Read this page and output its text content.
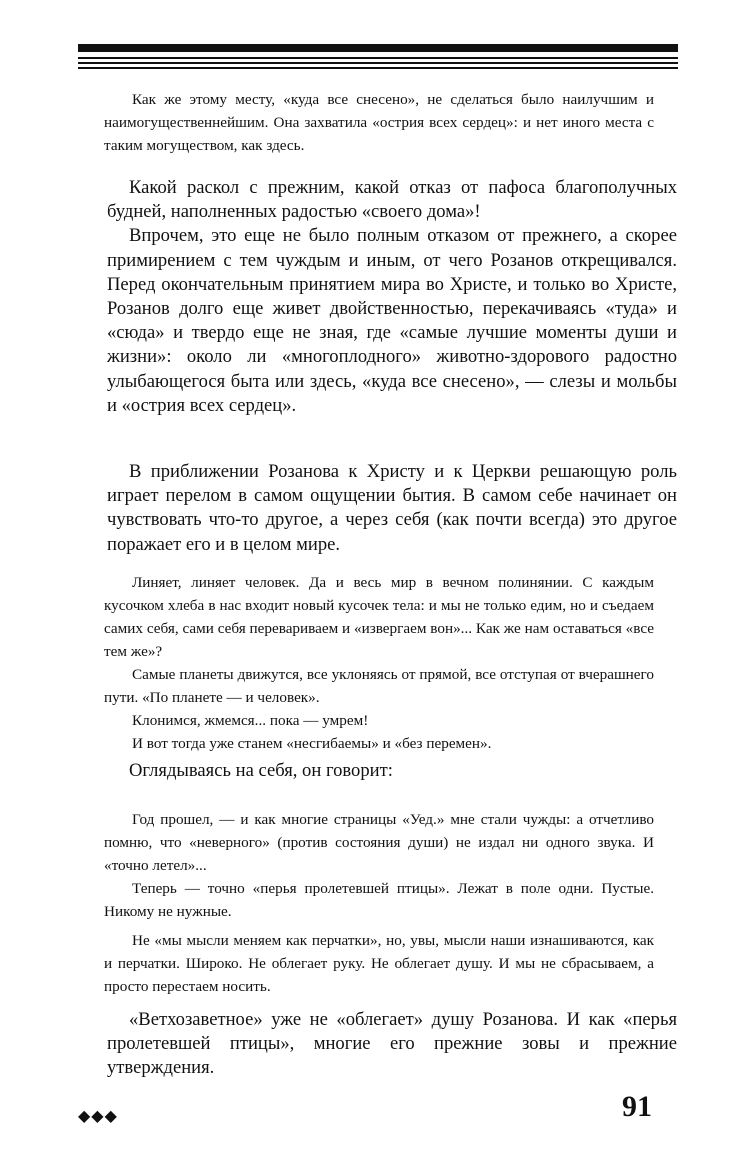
Как же этому месту, «куда все снесено», не сделаться было наилучшим и наимогущественнейшим. Она захватила «острия всех сердец»: и нет иного места с таким могуществом, как здесь.

Какой раскол с прежним, какой отказ от пафоса благополучных будней, наполненных радостью «своего дома»!

Впрочем, это еще не было полным отказом от прежнего, а скорее примирением с тем чуждым и иным, от чего Розанов открещивался. Перед окончательным принятием мира во Христе, и только во Христе, Розанов долго еще живет двойственностью, перекачиваясь «туда» и «сюда» и твердо еще не зная, где «самые лучшие моменты души и жизни»: около ли «многоплодного» животно-здорового радостно улыбающегося быта или здесь, «куда все снесено», — слезы и мольбы и «острия всех сердец».

В приближении Розанова к Христу и к Церкви решающую роль играет перелом в самом ощущении бытия. В самом себе начинает он чувствовать что-то другое, а через себя (как почти всегда) это другое поражает его и в целом мире.

Линяет, линяет человек. Да и весь мир в вечном полинянии. С каждым кусочком хлеба в нас входит новый кусочек тела: и мы не только едим, но и съедаем самих себя, сами себя перевариваем и «извергаем вон»... Как же нам оставаться «все тем же»?

Самые планеты движутся, все уклоняясь от прямой, все отступая от вчерашнего пути. «По планете — и человек».

Клонимся, жмемся... пока — умрем!

И вот тогда уже станем «несгибаемы» и «без перемен».

Оглядываясь на себя, он говорит:

Год прошел, — и как многие страницы «Уед.» мне стали чужды: а отчетливо помню, что «неверного» (против состояния души) не издал ни одного звука. И «точно летел»...

Теперь — точно «перья пролетевшей птицы». Лежат в поле одни. Пустые. Никому не нужные.

Не «мы мысли меняем как перчатки», но, увы, мысли наши изнашиваются, как и перчатки. Широко. Не облегает руку. Не облегает душу. И мы не сбрасываем, а просто перестаем носить.

«Ветхозаветное» уже не «облегает» душу Розанова. И как «перья пролетевшей птицы», многие его прежние зовы и прежние утверждения.

◆◆◆	91
